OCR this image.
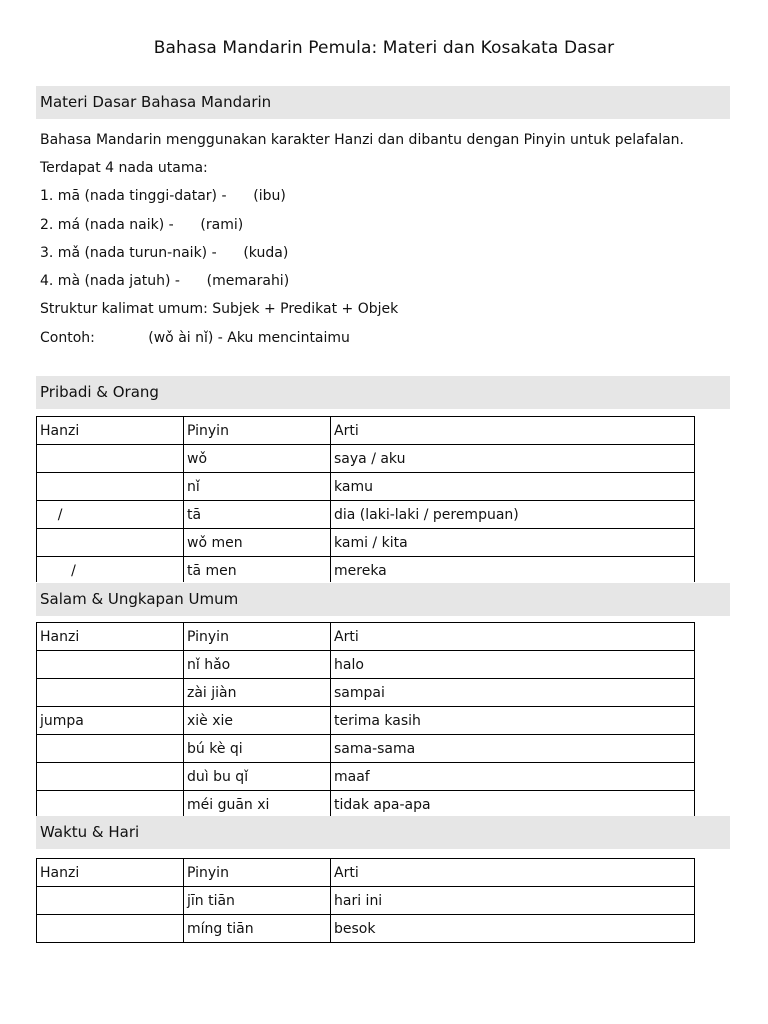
Bahasa Mandarin Pemula: Materi dan Kosakata Dasar
Materi Dasar Bahasa Mandarin
Bahasa Mandarin menggunakan karakter Hanzi dan dibantu dengan Pinyin untuk pelafalan.
Terdapat 4 nada utama:
1. mā (nada tinggi-datar) -      (ibu)
2. má (nada naik) -      (rami)
3. mǎ (nada turun-naik) -      (kuda)
4. mà (nada jatuh) -      (memarahi)
Struktur kalimat umum: Subjek + Predikat + Objek
Contoh:            (wǒ ài nǐ) - Aku mencintaimu
Pribadi & Orang
Hanzi	Pinyin	Arti
	wǒ	saya / aku
	nǐ	kamu
/	tā	dia (laki-laki / perempuan)
	wǒ men	kami / kita
/	tā men	mereka
Salam & Ungkapan Umum
Hanzi	Pinyin	Arti
	nǐ hǎo	halo
	zài jiàn	sampai
jumpa	xiè xie	terima kasih
	bú kè qi	sama-sama
	duì bu qǐ	maaf
	méi guān xi	tidak apa-apa
Waktu & Hari
Hanzi	Pinyin	Arti
	jīn tiān	hari ini
	míng tiān	besok
